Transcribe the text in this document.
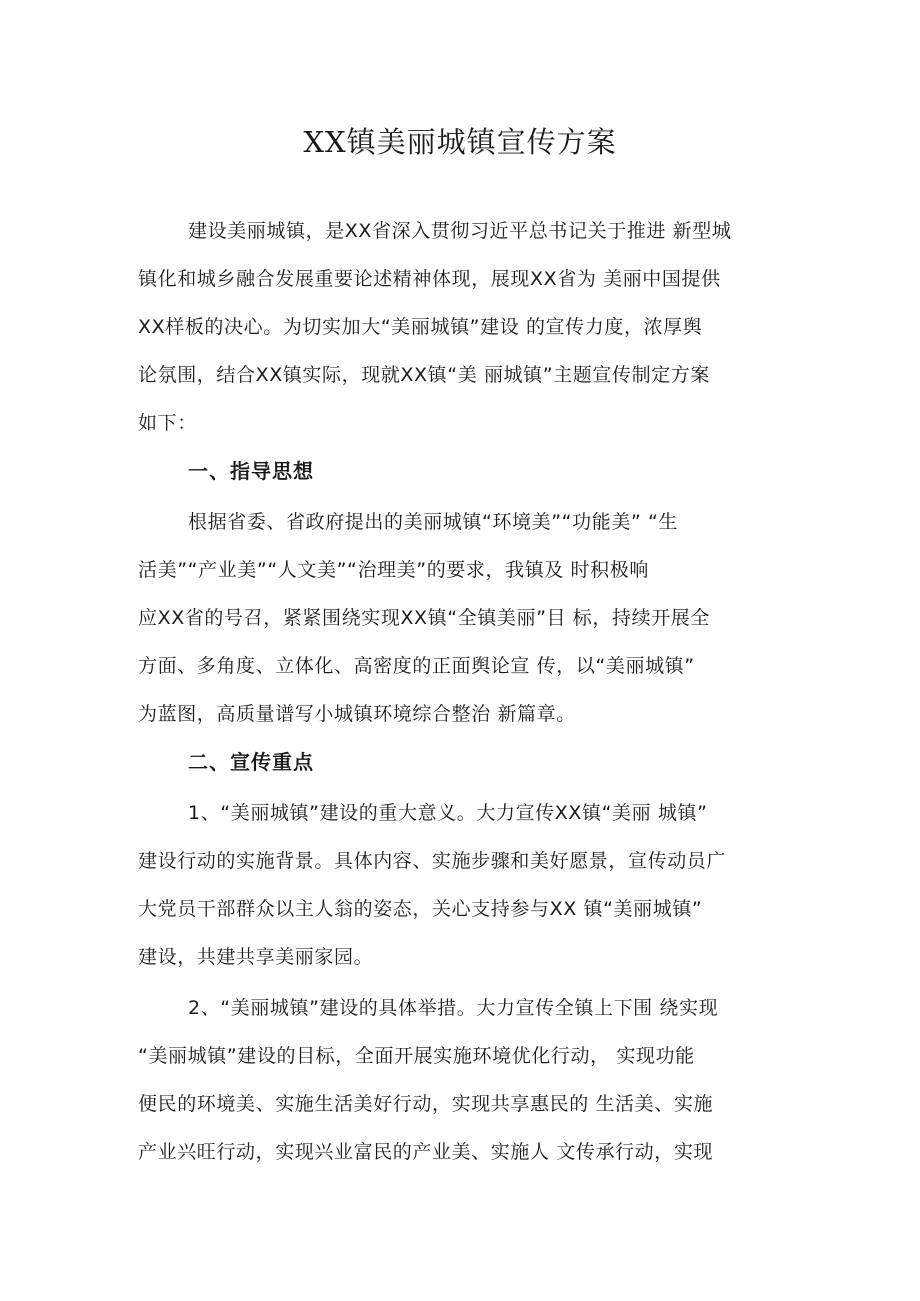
XX镇美丽城镇宣传方案
建设美丽城镇，是XX省深入贯彻习近平总书记关于推进 新型城
镇化和城乡融合发展重要论述精神体现，展现XX省为 美丽中国提供
XX样板的决心。为切实加大“美丽城镇”建设 的宣传力度，浓厚舆
论氛围，结合XX镇实际，现就XX镇“美 丽城镇”主题宣传制定方案
如下：
一、指导思想
根据省委、省政府提出的美丽城镇“环境美”“功能美” “生
活美”“产业美”“人文美”“治理美”的要求，我镇及 时积极响
应XX省的号召，紧紧围绕实现XX镇“全镇美丽”目 标，持续开展全
方面、多角度、立体化、高密度的正面舆论宣 传，以“美丽城镇”
为蓝图，高质量谱写小城镇环境综合整治 新篇章。
二、宣传重点
1、“美丽城镇”建设的重大意义。大力宣传XX镇“美丽 城镇”
建设行动的实施背景。具体内容、实施步骤和美好愿景，宣传动员广
大党员干部群众以主人翁的姿态，关心支持参与XX 镇“美丽城镇”
建设，共建共享美丽家园。
2、“美丽城镇”建设的具体举措。大力宣传全镇上下围 绕实现
“美丽城镇”建设的目标，全面开展实施环境优化行动， 实现功能
便民的环境美、实施生活美好行动，实现共享惠民的 生活美、实施
产业兴旺行动，实现兴业富民的产业美、实施人 文传承行动，实现
